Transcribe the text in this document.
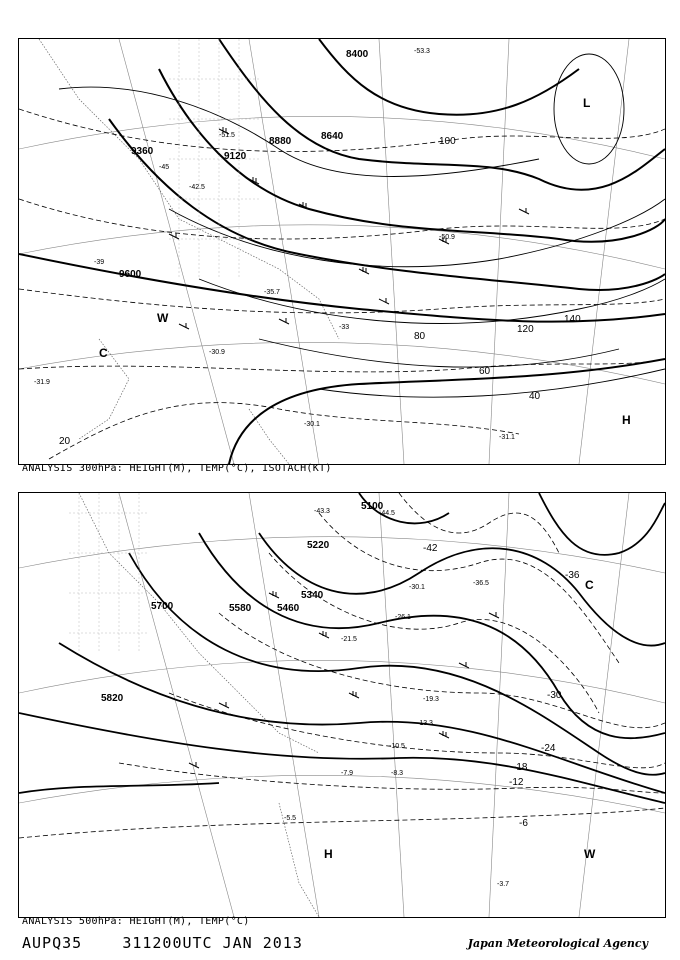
8400
8640
8880
9120
9360
9600
20
40
60
80
100
120
140
-53.3
-51.5
-50.9
-45
-42.5
-39
-35.7
-33
-31.9
-30.9
-30.1
-31.1
L
C
W
H
ANALYSIS 300hPa: HEIGHT(M), TEMP(°C), ISOTACH(KT)
5100
5220
5340
5460
5580
5700
5820
-42
-36
-30
-24
-18
-12
-6
-44.5
-43.3
-36.5
-30.1
-26.1
-21.5
-19.3
-13.3
-10.5
-8.3
-7.9
-5.5
-3.7
C
H	W
ANALYSIS 500hPa: HEIGHT(M), TEMP(°C)
AUPQ35	311200UTC JAN 2013	Japan Meteorological Agency
